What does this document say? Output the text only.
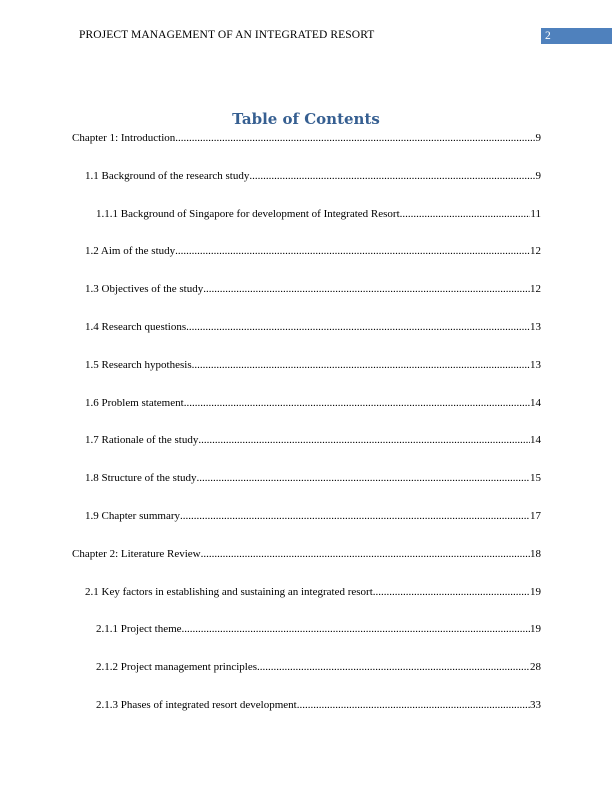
PROJECT MANAGEMENT OF AN INTEGRATED RESORT	2
Table of Contents
Chapter 1: Introduction .....	9
1.1 Background of the research study .....	9
1.1.1 Background of Singapore for development of Integrated Resort .....	11
1.2 Aim of the study .....	12
1.3 Objectives of the study .....	12
1.4 Research questions .....	13
1.5 Research hypothesis .....	13
1.6 Problem statement .....	14
1.7 Rationale of the study .....	14
1.8 Structure of the study .....	15
1.9 Chapter summary .....	17
Chapter 2: Literature Review .....	18
2.1 Key factors in establishing and sustaining an integrated resort .....	19
2.1.1 Project theme .....	19
2.1.2 Project management principles .....	28
2.1.3 Phases of integrated resort development .....	33
